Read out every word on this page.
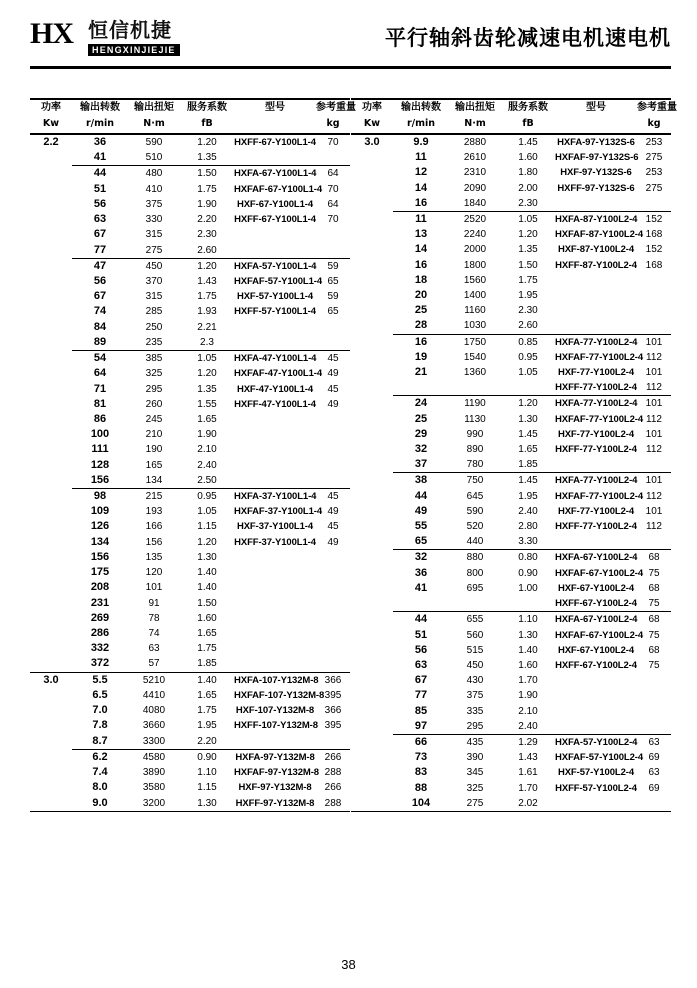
HX 恒信机捷
HENGXINJIEJIE	平行轴斜齿轮减速电机速电机
功率	输出转数	输出扭矩	服务系数	型号	参考重量
Kw	r/min	N·m	fB		kg
2.2	36	590	1.20	HXFF-67-Y100L1-4	70
	41	510	1.35		
	44	480	1.50	HXFA-67-Y100L1-4	64
	51	410	1.75	HXFAF-67-Y100L1-4	70
	56	375	1.90	HXF-67-Y100L1-4	64
	63	330	2.20	HXFF-67-Y100L1-4	70
	67	315	2.30		
	77	275	2.60		
	47	450	1.20	HXFA-57-Y100L1-4	59
	56	370	1.43	HXFAF-57-Y100L1-4	65
	67	315	1.75	HXF-57-Y100L1-4	59
	74	285	1.93	HXFF-57-Y100L1-4	65
	84	250	2.21		
	89	235	2.3		
	54	385	1.05	HXFA-47-Y100L1-4	45
	64	325	1.20	HXFAF-47-Y100L1-4	49
	71	295	1.35	HXF-47-Y100L1-4	45
	81	260	1.55	HXFF-47-Y100L1-4	49
	86	245	1.65		
	100	210	1.90		
	111	190	2.10		
	128	165	2.40		
	156	134	2.50		
	98	215	0.95	HXFA-37-Y100L1-4	45
	109	193	1.05	HXFAF-37-Y100L1-4	49
	126	166	1.15	HXF-37-Y100L1-4	45
	134	156	1.20	HXFF-37-Y100L1-4	49
	156	135	1.30		
	175	120	1.40		
	208	101	1.40		
	231	91	1.50		
	269	78	1.60		
	286	74	1.65		
	332	63	1.75		
	372	57	1.85		
3.0	5.5	5210	1.40	HXFA-107-Y132M-8	366
	6.5	4410	1.65	HXFAF-107-Y132M-8	395
	7.0	4080	1.75	HXF-107-Y132M-8	366
	7.8	3660	1.95	HXFF-107-Y132M-8	395
	8.7	3300	2.20		
	6.2	4580	0.90	HXFA-97-Y132M-8	266
	7.4	3890	1.10	HXFAF-97-Y132M-8	288
	8.0	3580	1.15	HXF-97-Y132M-8	266
	9.0	3200	1.30	HXFF-97-Y132M-8	288
功率	输出转数	输出扭矩	服务系数	型号	参考重量
Kw	r/min	N·m	fB		kg
3.0	9.9	2880	1.45	HXFA-97-Y132S-6	253
	11	2610	1.60	HXFAF-97-Y132S-6	275
	12	2310	1.80	HXF-97-Y132S-6	253
	14	2090	2.00	HXFF-97-Y132S-6	275
	16	1840	2.30		
	11	2520	1.05	HXFA-87-Y100L2-4	152
	13	2240	1.20	HXFAF-87-Y100L2-4	168
	14	2000	1.35	HXF-87-Y100L2-4	152
	16	1800	1.50	HXFF-87-Y100L2-4	168
	18	1560	1.75		
	20	1400	1.95		
	25	1160	2.30		
	28	1030	2.60		
	16	1750	0.85	HXFA-77-Y100L2-4	101
	19	1540	0.95	HXFAF-77-Y100L2-4	112
	21	1360	1.05	HXF-77-Y100L2-4	101
				HXFF-77-Y100L2-4	112
	24	1190	1.20	HXFA-77-Y100L2-4	101
	25	1130	1.30	HXFAF-77-Y100L2-4	112
	29	990	1.45	HXF-77-Y100L2-4	101
	32	890	1.65	HXFF-77-Y100L2-4	112
	37	780	1.85		
	38	750	1.45	HXFA-77-Y100L2-4	101
	44	645	1.95	HXFAF-77-Y100L2-4	112
	49	590	2.40	HXF-77-Y100L2-4	101
	55	520	2.80	HXFF-77-Y100L2-4	112
	65	440	3.30		
	32	880	0.80	HXFA-67-Y100L2-4	68
	36	800	0.90	HXFAF-67-Y100L2-4	75
	41	695	1.00	HXF-67-Y100L2-4	68
				HXFF-67-Y100L2-4	75
	44	655	1.10	HXFA-67-Y100L2-4	68
	51	560	1.30	HXFAF-67-Y100L2-4	75
	56	515	1.40	HXF-67-Y100L2-4	68
	63	450	1.60	HXFF-67-Y100L2-4	75
	67	430	1.70		
	77	375	1.90		
	85	335	2.10		
	97	295	2.40		
	66	435	1.29	HXFA-57-Y100L2-4	63
	73	390	1.43	HXFAF-57-Y100L2-4	69
	83	345	1.61	HXF-57-Y100L2-4	63
	88	325	1.70	HXFF-57-Y100L2-4	69
	104	275	2.02		
38
